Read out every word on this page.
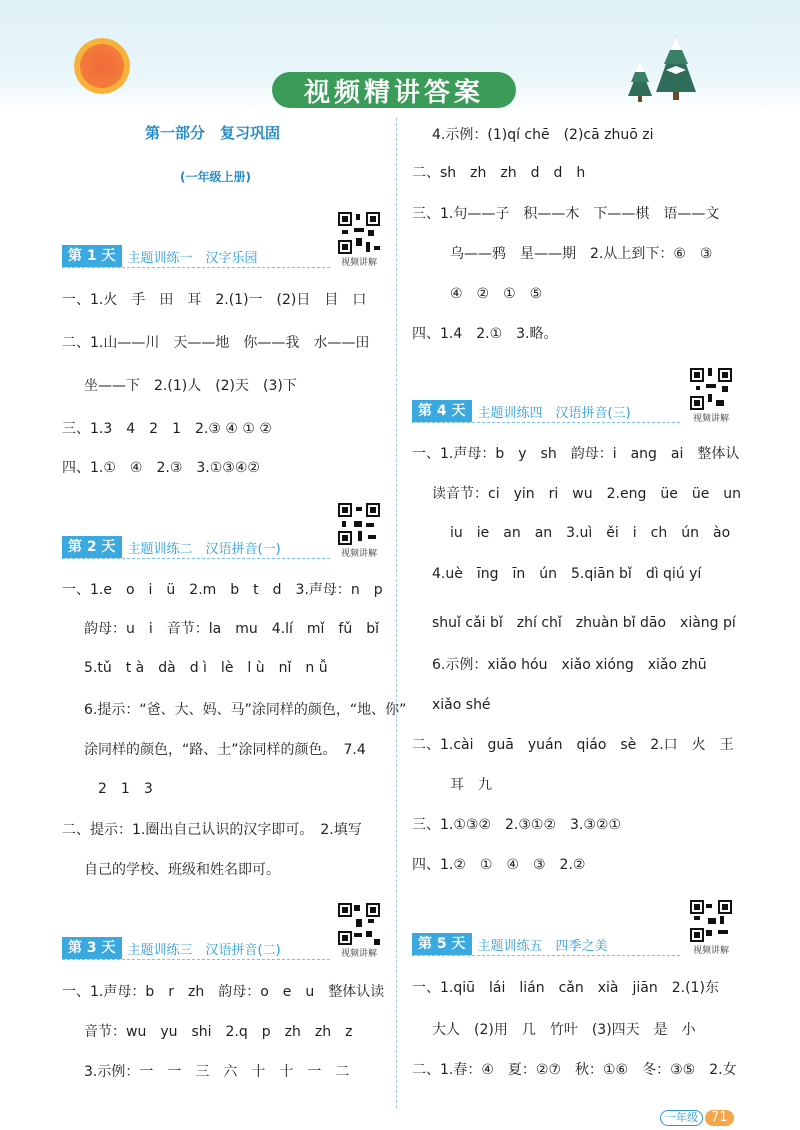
视频精讲答案
第一部分　复习巩固
(一年级上册)
视频讲解
第 1 天 主题训练一　汉字乐园
一、1.火　手　田　耳　2.(1)一　(2)日　目　口
二、1.山——川　天——地　你——我　水——田
坐——下　2.(1)人　(2)天　(3)下
三、1.3　4　2　1　2.③ ④ ① ②
四、1.①　④　2.③　3.①③④②
视频讲解
第 2 天 主题训练二　汉语拼音(一)
一、1.e　o　i　ü　2.m　b　t　d　3.声母：n　p
韵母：u　i　音节：la　mu　4.lí　mǐ　fǔ　bǐ
5.tǔ　t à　dà　d ì　lè　l ù　nǐ　n ǚ
6.提示：“爸、大、妈、马”涂同样的颜色，“地、你”
涂同样的颜色，“路、土”涂同样的颜色。　7.4
2　1　3
二、提示：1.圈出自己认识的汉字即可。　2.填写
自己的学校、班级和姓名即可。
视频讲解
第 3 天 主题训练三　汉语拼音(二)
一、1.声母：b　r　zh　韵母：o　e　u　整体认读
音节：wu　yu　shi　2.q　p　zh　zh　z
3.示例：一　一　三　六　十　十　一　二
4.示例：(1)qí chē　(2)cā zhuō zi
二、sh　zh　zh　d　d　h
三、1.句——子　积——木　下——棋　语——文
乌——鸦　星——期　2.从上到下：⑥　③
④　②　①　⑤
四、1.4　2.①　3.略。
视频讲解
第 4 天 主题训练四　汉语拼音(三)
一、1.声母：b　y　sh　韵母：i　ang　ai　整体认
读音节：ci　yin　ri　wu　2.eng　üe　üe　un
iu　ie　an　an　3.uì　ěi　i　ch　ún　ào
4.uè　īng　īn　ún　5.qiān bǐ　dì qiú yí
shuǐ cǎi bǐ　zhí chǐ　zhuàn bǐ dāo　xiàng pí
6.示例：xiǎo hóu　xiǎo xióng　xiǎo zhū
xiǎo shé
二、1.cài　guā　yuán　qiáo　sè　2.口　火　王
耳　九
三、1.①③②　2.③①②　3.③②①
四、1.②　①　④　③　2.②
视频讲解
第 5 天 主题训练五　四季之美
一、1.qiū　lái　lián　cǎn　xià　jiān　2.(1)东
大人　(2)用　几　竹叶　(3)四天　是　小
二、1.春：④　夏：②⑦　秋：①⑥　冬：③⑤　2.女
一年级	71
